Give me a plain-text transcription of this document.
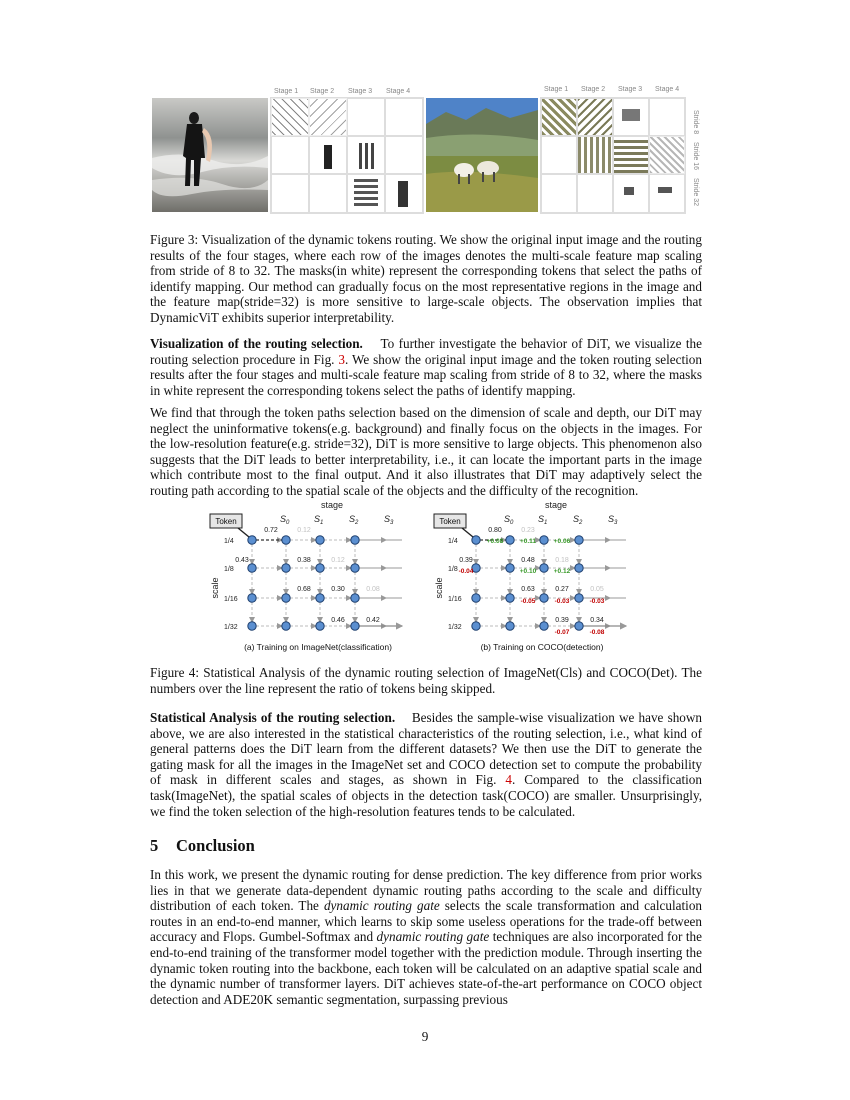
Stage 1 Stage 2 Stage 3 Stage 4	Stage 1 Stage 2 Stage 3 Stage 4
Stride 8
Stride 16
Stride 32
Figure 3: Visualization of the dynamic tokens routing. We show the original input image and the routing results of the four stages, where each row of the images denotes the multi-scale feature map scaling from stride of 8 to 32. The masks(in white) represent the corresponding tokens that select the paths of identify mapping. Our method can gradually focus on the most representative regions in the image and the feature map(stride=32) is more sensitive to large-scale objects. The observation implies that DynamicViT exhibits superior interpretability.
Visualization of the routing selection. To further investigate the behavior of DiT, we visualize the routing selection procedure in Fig. 3. We show the original input image and the token routing selection results after the four stages and multi-scale feature map scaling from stride of 8 to 32, where the masks in white represent the corresponding tokens select the paths of identify mapping.
We find that through the token paths selection based on the dimension of scale and depth, our DiT may neglect the uninformative tokens(e.g. background) and finally focus on the objects in the images. For the low-resolution feature(e.g. stride=32), DiT is more sensitive to large objects. This phenomenon also suggests that the DiT leads to better interpretability, i.e., it can locate the important parts in the image which contribute most to the final output. And it also illustrates that DiT may adaptively select the routing path according to the spatial scale of the objects and the difficulty of the recognition.
stage
scale
$S_0$	$S_1$	$S_2$	$S_3$
1/4
1/8
1/16
1/32
Token
0.72
0.43	0.38
0.68	0.30
0.46	0.42
0.12
0.12
0.08
(a) Training on ImageNet(classification)
stage
scale
$S_0$	$S_1$	$S_2$	$S_3$
1/4
1/8
1/16
1/32
Token
0.80
0.39	0.48
0.63	0.27
0.39	0.34
0.23
0.18
0.05
+0.08	+0.11	+0.06
-0.04	+0.10	+0.12
-0.05	-0.03	-0.03
-0.07	-0.08
(b) Training on COCO(detection)
Figure 4: Statistical Analysis of the dynamic routing selection of ImageNet(Cls) and COCO(Det). The numbers over the line represent the ratio of tokens being skipped.
Statistical Analysis of the routing selection. Besides the sample-wise visualization we have shown above, we are also interested in the statistical characteristics of the routing selection, i.e., what kind of general patterns does the DiT learn from the different datasets? We then use the DiT to generate the gating mask for all the images in the ImageNet set and COCO detection set to compute the probability of mask in different scales and stages, as shown in Fig. 4. Compared to the classification task(ImageNet), the spatial scales of objects in the detection task(COCO) are smaller. Unsurprisingly, we find the token selection of the high-resolution features tends to be calculated.
5 Conclusion
In this work, we present the dynamic routing for dense prediction. The key difference from prior works lies in that we generate data-dependent dynamic routing paths according to the scale and difficulty distribution of each token. The dynamic routing gate selects the scale transformation and calculation routes in an end-to-end manner, which learns to skip some useless operations for the trade-off between accuracy and Flops. Gumbel-Softmax and dynamic routing gate techniques are also incorporated for the end-to-end training of the transformer model together with the prediction module. Through inserting the dynamic token routing into the backbone, each token will be calculated on an adaptive spatial scale and the dynamic number of transformer layers. DiT achieves state-of-the-art performance on COCO object detection and ADE20K semantic segmentation, surpassing previous
9
